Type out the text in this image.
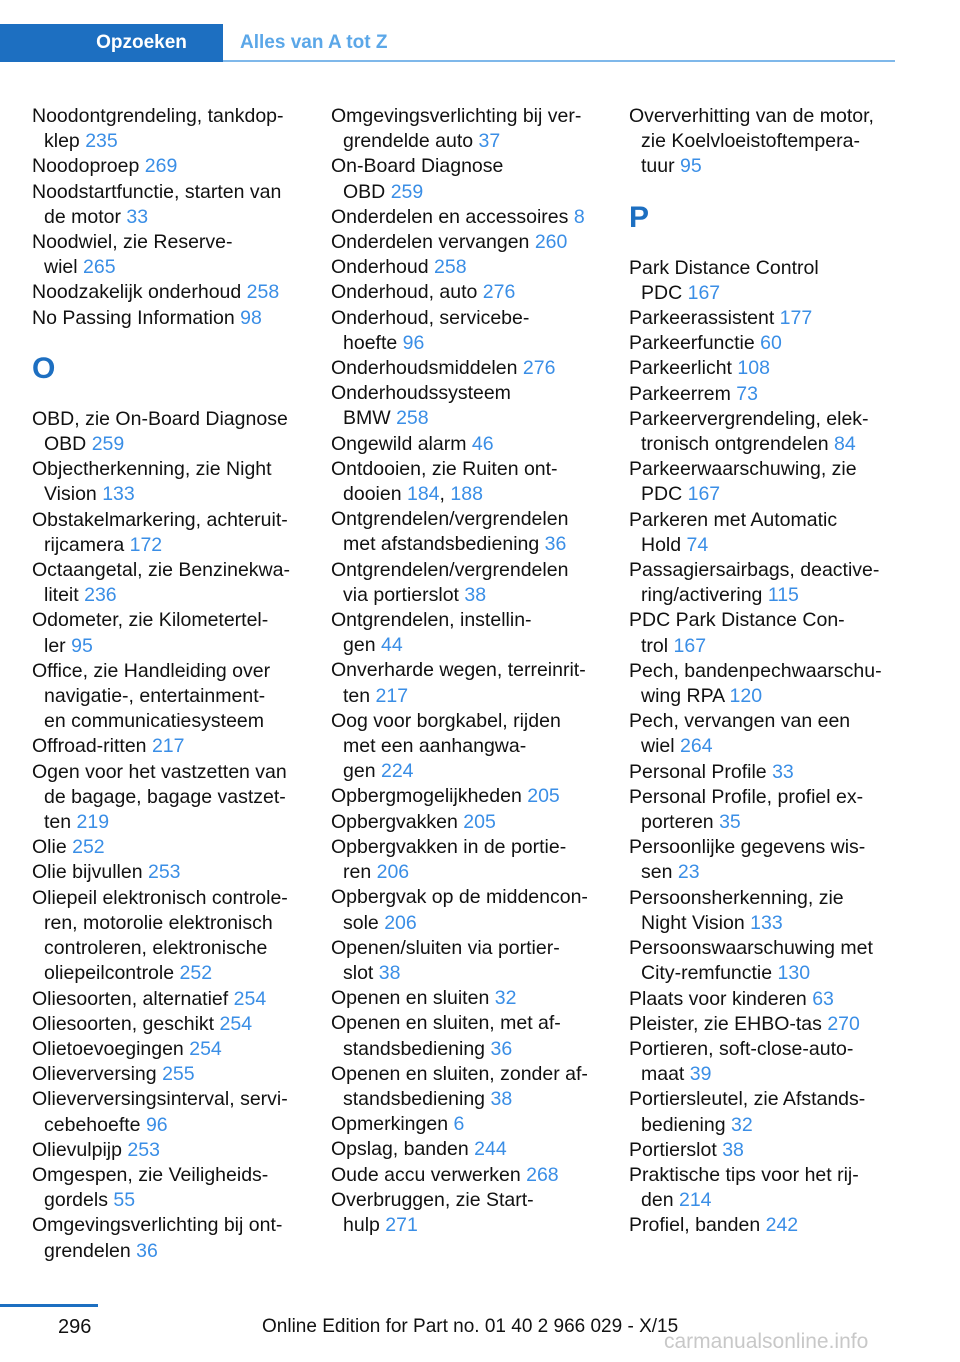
Opzoeken	Alles van A tot Z
Noodontgrendeling, tankdop-
klep 235
Noodoproep 269
Noodstartfunctie, starten van
de motor 33
Noodwiel, zie Reserve-
wiel 265
Noodzakelijk onderhoud 258
No Passing Information 98
O
OBD, zie On-Board Diagnose
OBD 259
Objectherkenning, zie Night
Vision 133
Obstakelmarkering, achteruit-
rijcamera 172
Octaangetal, zie Benzinekwa-
liteit 236
Odometer, zie Kilometertel-
ler 95
Office, zie Handleiding over
navigatie-, entertainment-
en communicatiesysteem
Offroad-ritten 217
Ogen voor het vastzetten van
de bagage, bagage vastzet-
ten 219
Olie 252
Olie bijvullen 253
Oliepeil elektronisch controle-
ren, motorolie elektronisch
controleren, elektronische
oliepeilcontrole 252
Oliesoorten, alternatief 254
Oliesoorten, geschikt 254
Olietoevoegingen 254
Olieverversing 255
Olieverversingsinterval, servi-
cebehoefte 96
Olievulpijp 253
Omgespen, zie Veiligheids-
gordels 55
Omgevingsverlichting bij ont-
grendelen 36
Omgevingsverlichting bij ver-
grendelde auto 37
On-Board Diagnose
OBD 259
Onderdelen en accessoires 8
Onderdelen vervangen 260
Onderhoud 258
Onderhoud, auto 276
Onderhoud, servicebe-
hoefte 96
Onderhoudsmiddelen 276
Onderhoudssysteem
BMW 258
Ongewild alarm 46
Ontdooien, zie Ruiten ont-
dooien 184, 188
Ontgrendelen/vergrendelen
met afstandsbediening 36
Ontgrendelen/vergrendelen
via portierslot 38
Ontgrendelen, instellin-
gen 44
Onverharde wegen, terreinrit-
ten 217
Oog voor borgkabel, rijden
met een aanhangwa-
gen 224
Opbergmogelijkheden 205
Opbergvakken 205
Opbergvakken in de portie-
ren 206
Opbergvak op de middencon-
sole 206
Openen/sluiten via portier-
slot 38
Openen en sluiten 32
Openen en sluiten, met af-
standsbediening 36
Openen en sluiten, zonder af-
standsbediening 38
Opmerkingen 6
Opslag, banden 244
Oude accu verwerken 268
Overbruggen, zie Start-
hulp 271
Oververhitting van de motor,
zie Koelvloeistoftempera-
tuur 95
P
Park Distance Control
PDC 167
Parkeerassistent 177
Parkeerfunctie 60
Parkeerlicht 108
Parkeerrem 73
Parkeervergrendeling, elek-
tronisch ontgrendelen 84
Parkeerwaarschuwing, zie
PDC 167
Parkeren met Automatic
Hold 74
Passagiersairbags, deactive-
ring/activering 115
PDC Park Distance Con-
trol 167
Pech, bandenpechwaarschu-
wing RPA 120
Pech, vervangen van een
wiel 264
Personal Profile 33
Personal Profile, profiel ex-
porteren 35
Persoonlijke gegevens wis-
sen 23
Persoonsherkenning, zie
Night Vision 133
Persoonswaarschuwing met
City-remfunctie 130
Plaats voor kinderen 63
Pleister, zie EHBO-tas 270
Portieren, soft-close-auto-
maat 39
Portiersleutel, zie Afstands-
bediening 32
Portierslot 38
Praktische tips voor het rij-
den 214
Profiel, banden 242
296	Online Edition for Part no. 01 40 2 966 029 - X/15
carmanualsonline.info
